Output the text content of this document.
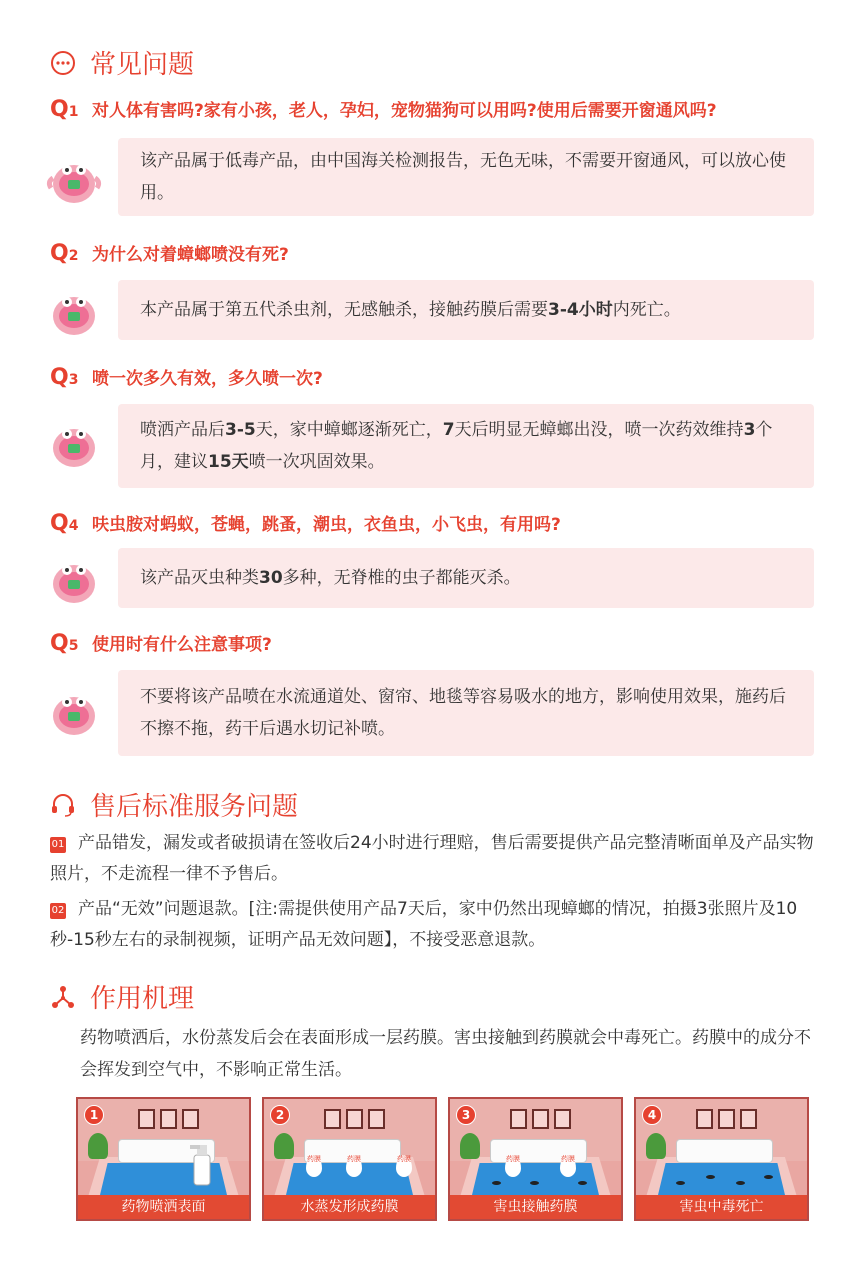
常见问题
Q1 对人体有害吗?家有小孩，老人，孕妇，宠物猫狗可以用吗?使用后需要开窗通风吗?
该产品属于低毒产品，由中国海关检测报告，无色无味，不需要开窗通风，可以放心使用。
Q2 为什么对着蟑螂喷没有死?
本产品属于第五代杀虫剂，无感触杀，接触药膜后需要3-4小时内死亡。
Q3 喷一次多久有效，多久喷一次?
喷洒产品后3-5天，家中蟑螂逐渐死亡，7天后明显无蟑螂出没，喷一次药效维持3个月，建议15天喷一次巩固效果。
Q4 呋虫胺对蚂蚁，苍蝇，跳蚤，潮虫，衣鱼虫，小飞虫，有用吗?
该产品灭虫种类30多种，无脊椎的虫子都能灭杀。
Q5 使用时有什么注意事项?
不要将该产品喷在水流通道处、窗帘、地毯等容易吸水的地方，影响使用效果，施药后不擦不拖，药干后遇水切记补喷。
售后标准服务问题
01 产品错发，漏发或者破损请在签收后24小时进行理赔，售后需要提供产品完整清晰面单及产品实物照片，不走流程一律不予售后。
02 产品“无效”问题退款。[注:需提供使用产品7天后，家中仍然出现蟑螂的情况，拍摄3张照片及10秒-15秒左右的录制视频，证明产品无效问题】，不接受恶意退款。
作用机理
药物喷洒后，水份蒸发后会在表面形成一层药膜。害虫接触到药膜就会中毒死亡。药膜中的成分不会挥发到空气中，不影响正常生活。
1
药物喷洒表面
药膜	药膜	药膜
2
水蒸发形成药膜
药膜	药膜
3
害虫接触药膜
4
害虫中毒死亡
